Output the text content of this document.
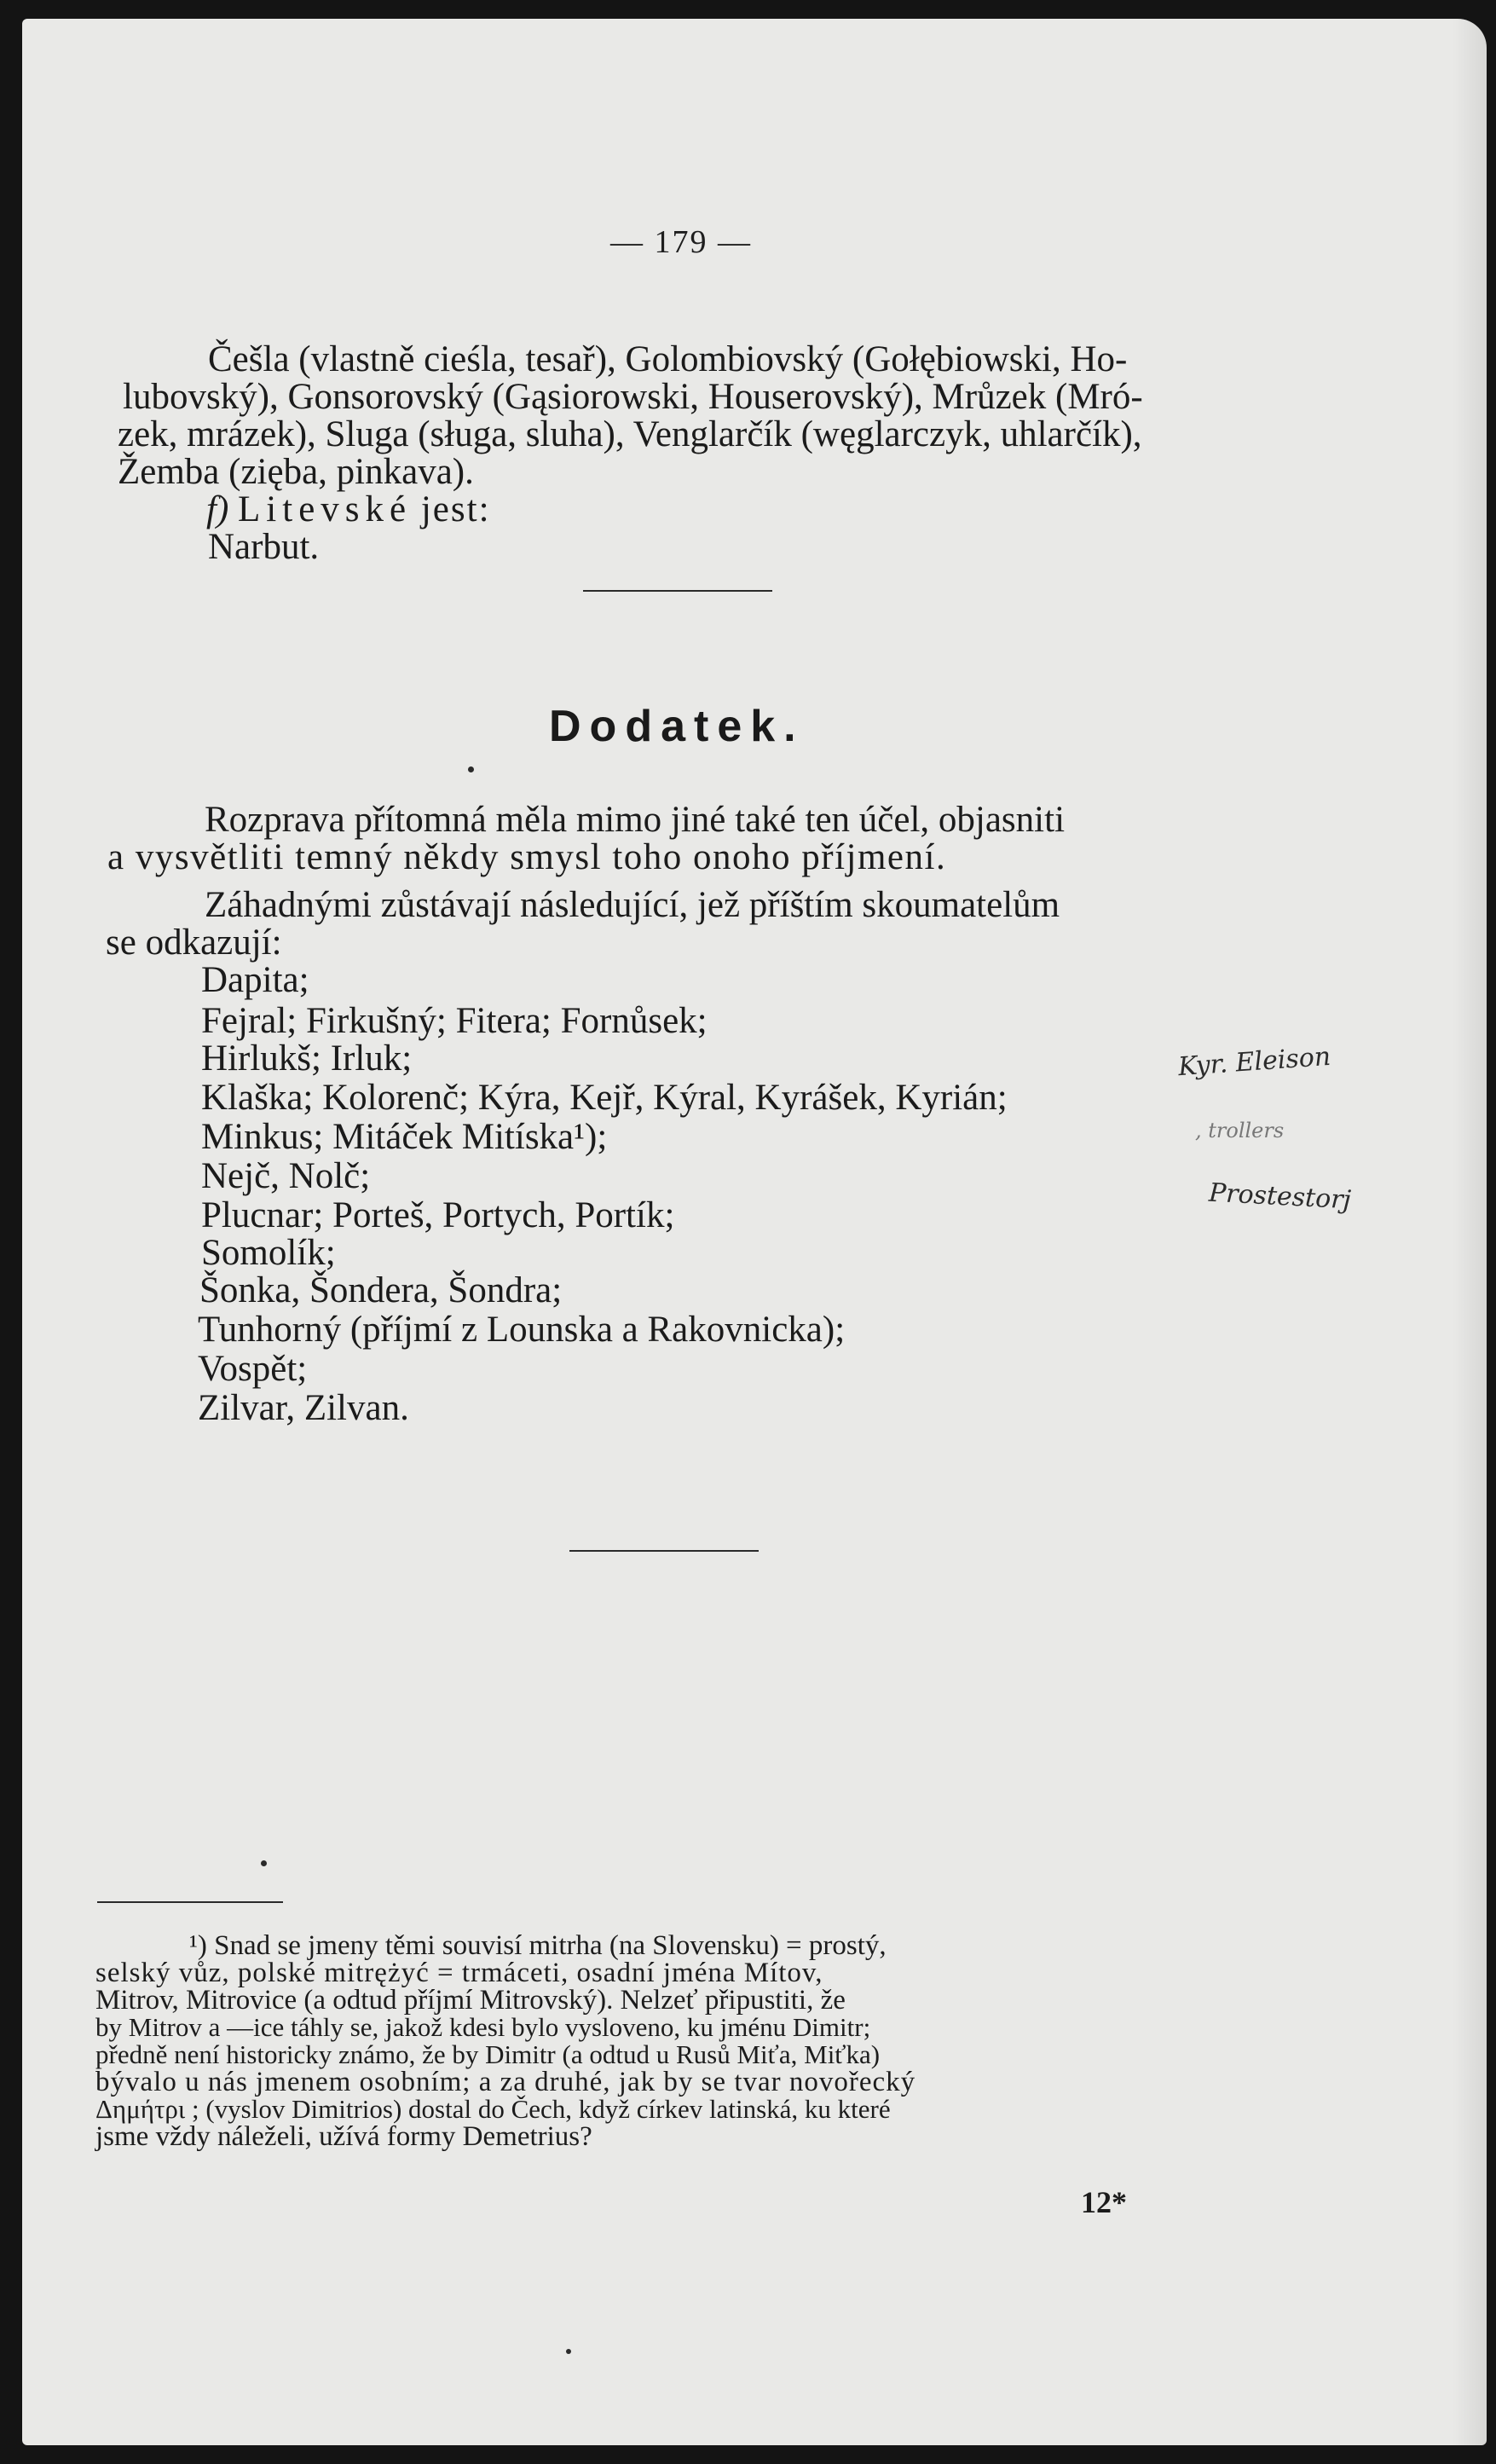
— 179 —
Češla (vlastně cieśla, tesař), Golombiovský (Gołębiowski, Ho-
lubovský), Gonsorovský (Gąsiorowski, Houserovský), Mrůzek (Mró-
zek, mrázek), Sluga (sługa, sluha), Venglarčík (węglarczyk, uhlarčík),
Žemba (zięba, pinkava).
f) Litevské jest:
Narbut.
Dodatek.
Rozprava přítomná měla mimo jiné také ten účel, objasniti
a vysvětliti temný někdy smysl toho onoho příjmení.
Záhadnými zůstávají následující, jež příštím skoumatelům
se odkazují:
Dapita;
Fejral; Firkušný; Fitera; Fornůsek;
Hirlukš; Irluk;
Klaška; Kolorenč; Kýra, Kejř, Kýral, Kyrášek, Kyrián;
Minkus; Mitáček Mitíska¹);
Nejč, Nolč;
Plucnar; Porteš, Portych, Portík;
Somolík;
Šonka, Šondera, Šondra;
Tunhorný (příjmí z Lounska a Rakovnicka);
Vospět;
Zilvar, Zilvan.
Kyr. Eleison
, trollers
Prostestorj
¹) Snad se jmeny těmi souvisí mitrha (na Slovensku) = prostý,
selský vůz, polské mitrężyć = trmáceti, osadní jména Mítov,
Mitrov, Mitrovice (a odtud příjmí Mitrovský). Nelzeť připustiti, že
by Mitrov a —ice táhly se, jakož kdesi bylo vysloveno, ku jménu Dimitr;
předně není historicky známo, že by Dimitr (a odtud u Rusů Miťa, Miťka)
bývalo u nás jmenem osobním; a za druhé, jak by se tvar novořecký
Δημήτρι ; (vyslov Dimitrios) dostal do Čech, když církev latinská, ku které
jsme vždy náleželi, užívá formy Demetrius?
12*
